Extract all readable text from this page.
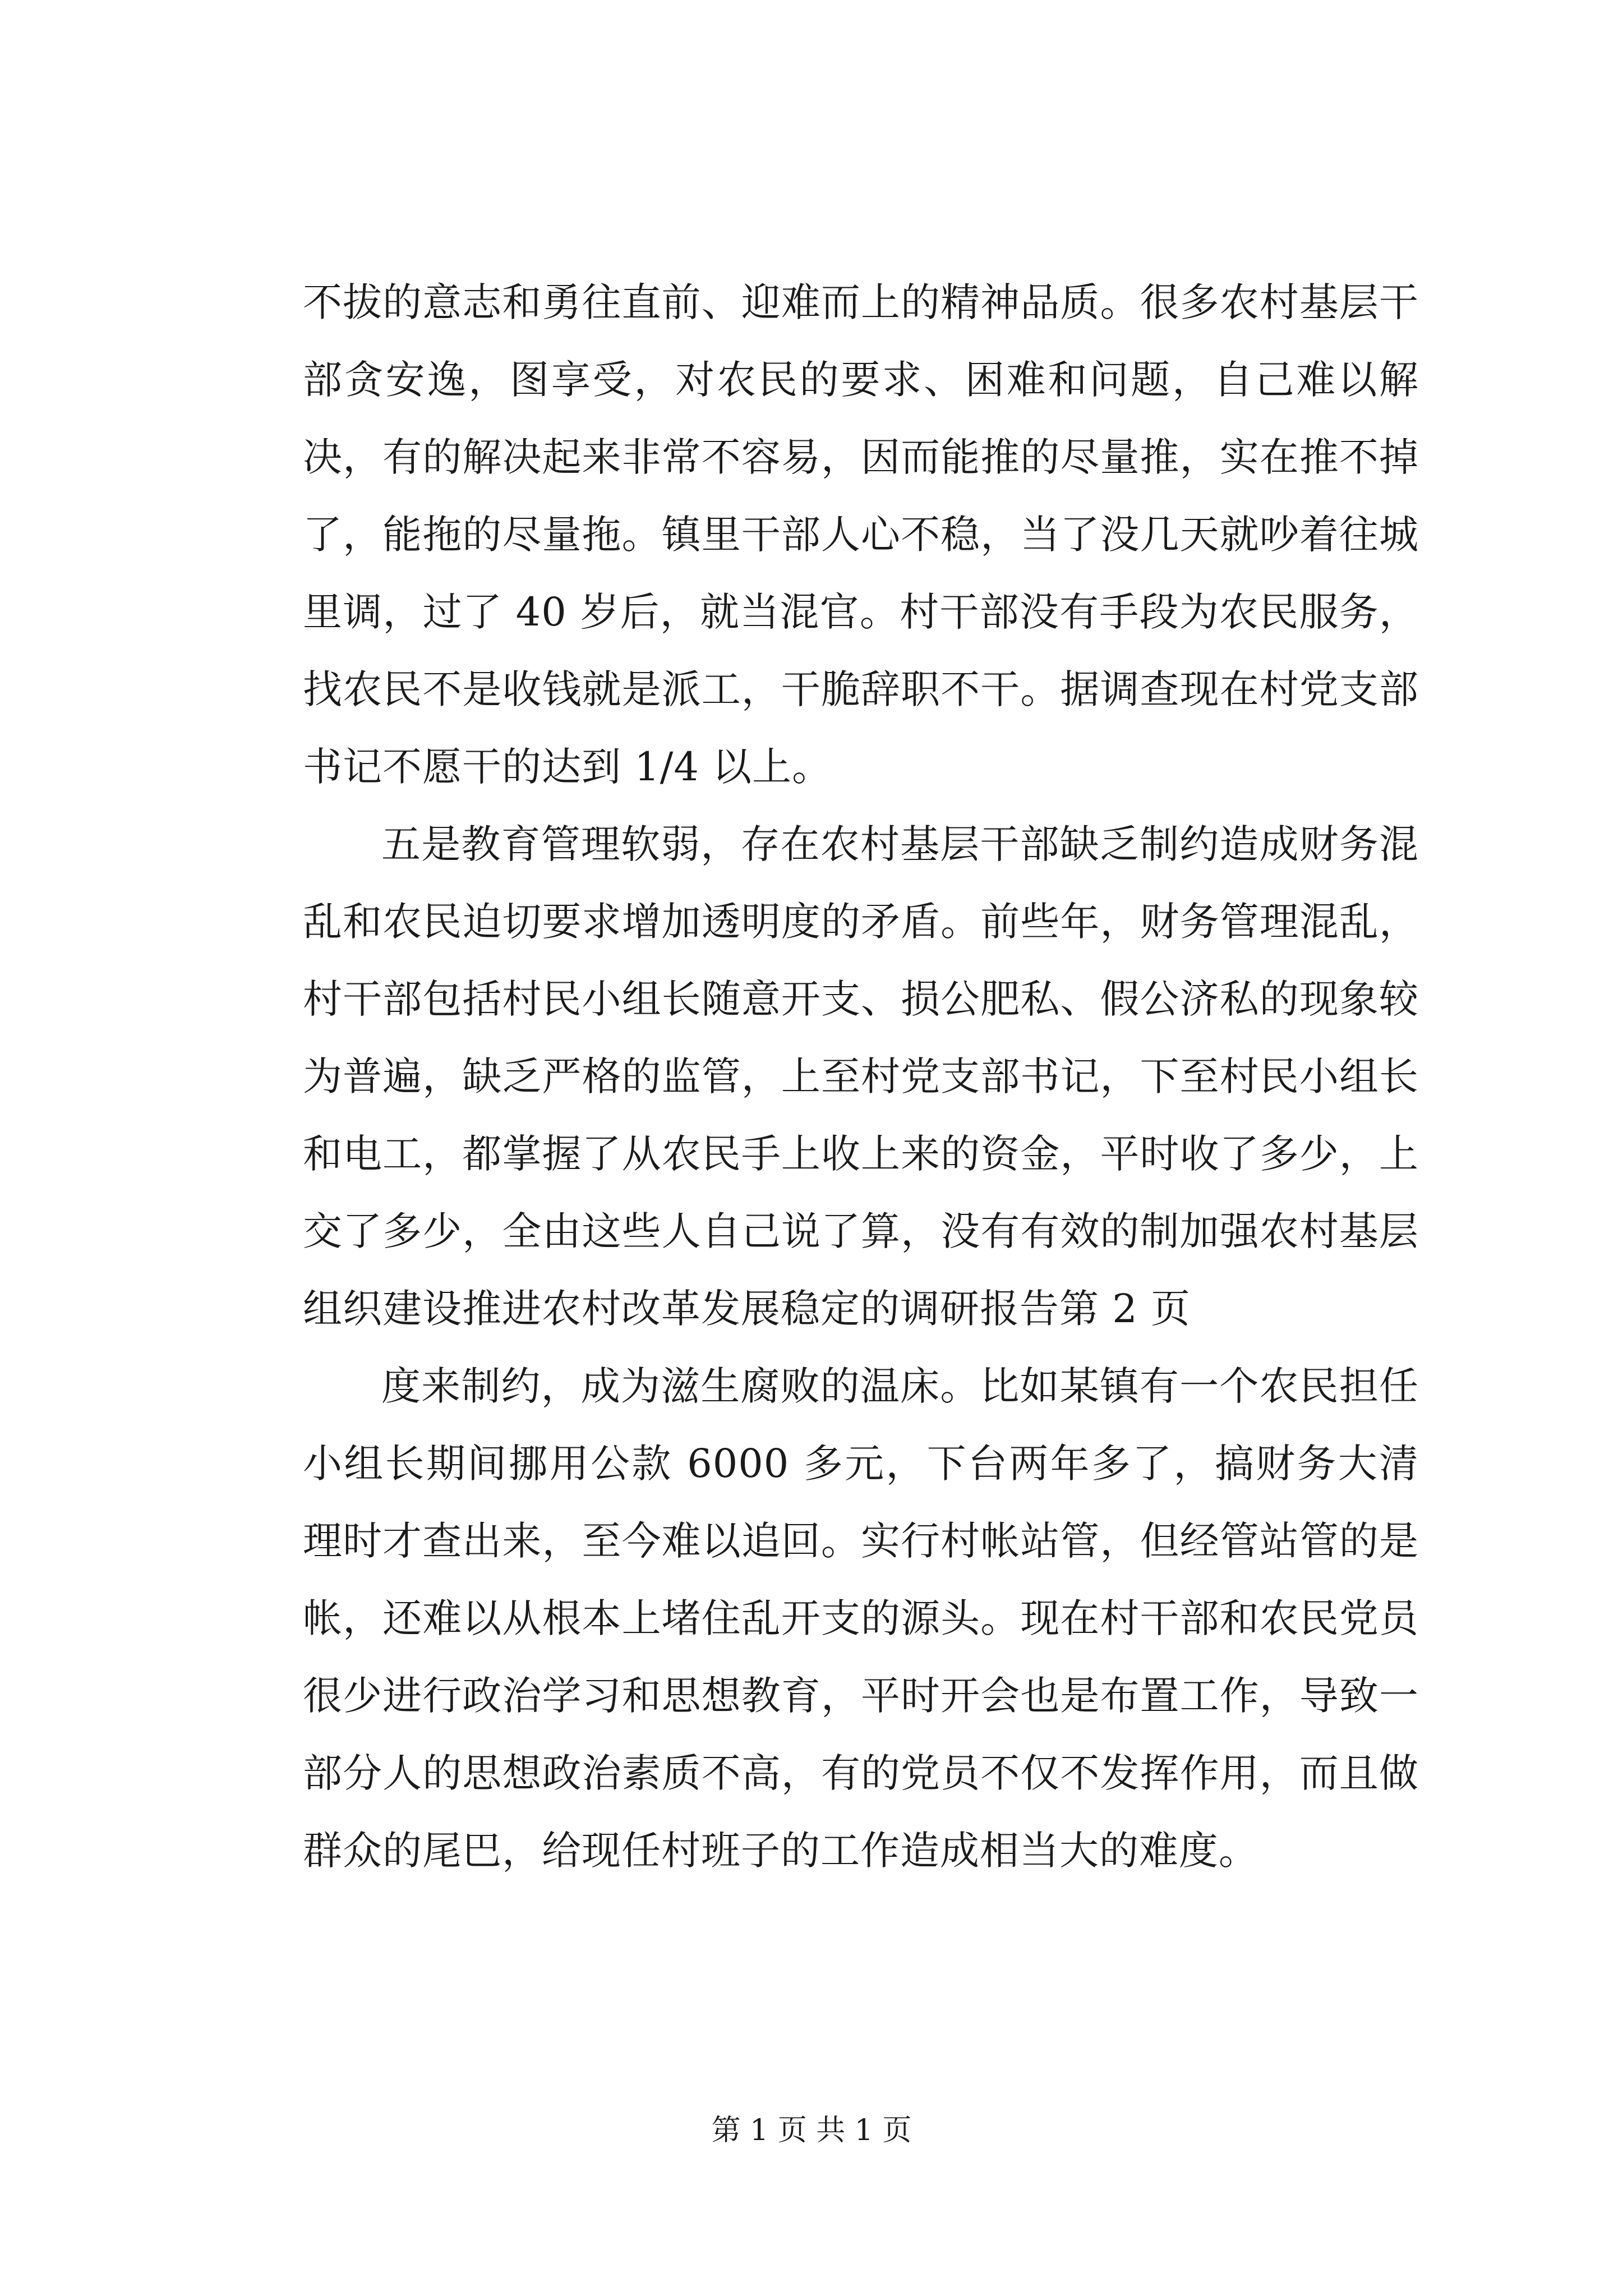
不拔的意志和勇往直前、迎难而上的精神品质。很多农村基层干部贪安逸，图享受，对农民的要求、困难和问题，自己难以解决，有的解决起来非常不容易，因而能推的尽量推，实在推不掉了，能拖的尽量拖。镇里干部人心不稳，当了没几天就吵着往城里调，过了 40 岁后，就当混官。村干部没有手段为农民服务，找农民不是收钱就是派工，干脆辞职不干。据调查现在村党支部书记不愿干的达到 1/4 以上。

五是教育管理软弱，存在农村基层干部缺乏制约造成财务混乱和农民迫切要求增加透明度的矛盾。前些年，财务管理混乱，村干部包括村民小组长随意开支、损公肥私、假公济私的现象较为普遍，缺乏严格的监管，上至村党支部书记，下至村民小组长和电工，都掌握了从农民手上收上来的资金，平时收了多少，上交了多少，全由这些人自己说了算，没有有效的制加强农村基层组织建设推进农村改革发展稳定的调研报告第 2 页

度来制约，成为滋生腐败的温床。比如某镇有一个农民担任小组长期间挪用公款 6000 多元，下台两年多了，搞财务大清理时才查出来，至今难以追回。实行村帐站管，但经管站管的是帐，还难以从根本上堵住乱开支的源头。现在村干部和农民党员很少进行政治学习和思想教育，平时开会也是布置工作，导致一部分人的思想政治素质不高，有的党员不仅不发挥作用，而且做群众的尾巴，给现任村班子的工作造成相当大的难度。

第 1 页 共 1 页
